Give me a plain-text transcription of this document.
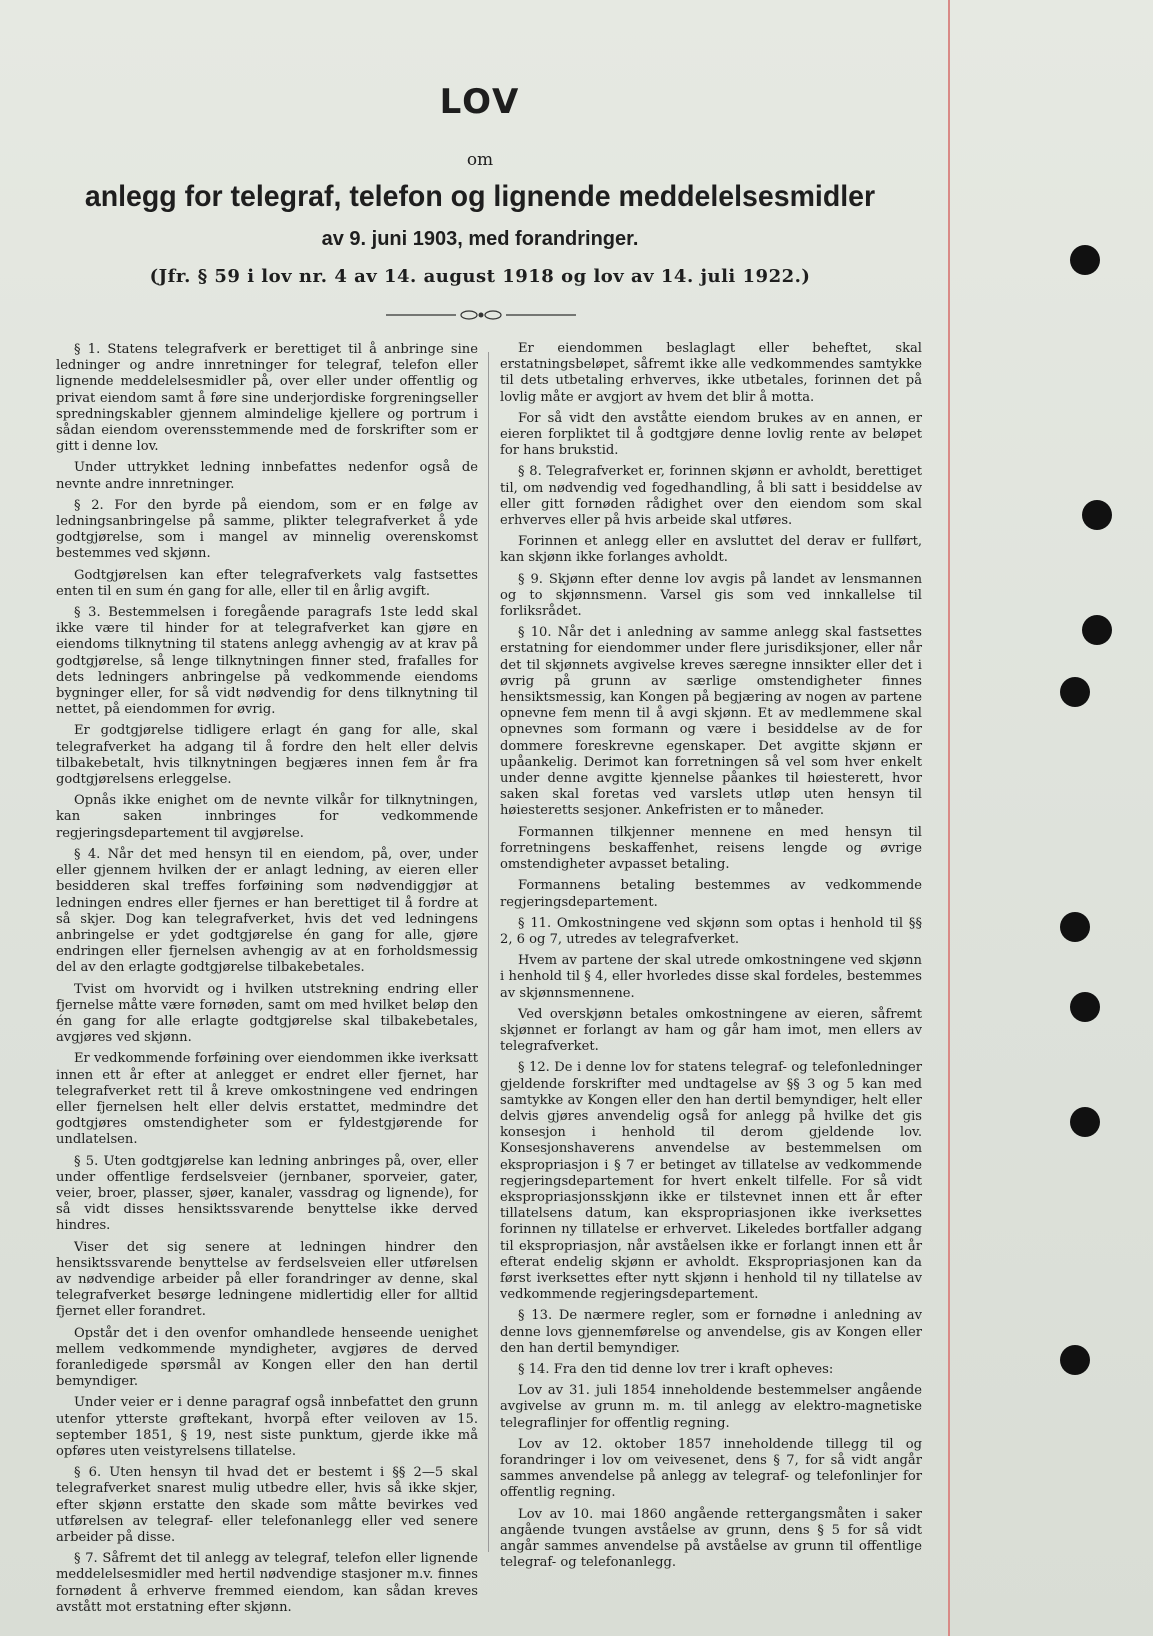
LOV
om
anlegg for telegraf, telefon og lignende meddelelsesmidler
av 9. juni 1903, med forandringer.
(Jfr. § 59 i lov nr. 4 av 14. august 1918 og lov av 14. juli 1922.)

§ 1. Statens telegrafverk er berettiget til å anbringe sine ledninger og andre innretninger for telegraf, telefon eller lignende meddelelsesmidler på, over eller under offentlig og privat eiendom samt å føre sine underjordiske forgreningseller spredningskabler gjennem almindelige kjellere og portrum i sådan eiendom overensstemmende med de forskrifter som er gitt i denne lov.

Under uttrykket ledning innbefattes nedenfor også de nevnte andre innretninger.

§ 2. For den byrde på eiendom, som er en følge av ledningsanbringelse på samme, plikter telegrafverket å yde godtgjørelse, som i mangel av minnelig overenskomst bestemmes ved skjønn.

Godtgjørelsen kan efter telegrafverkets valg fastsettes enten til en sum én gang for alle, eller til en årlig avgift.

§ 3. Bestemmelsen i foregående paragrafs 1ste ledd skal ikke være til hinder for at telegrafverket kan gjøre en eiendoms tilknytning til statens anlegg avhengig av at krav på godtgjørelse, så lenge tilknytningen finner sted, frafalles for dets ledningers anbringelse på vedkommende eiendoms bygninger eller, for så vidt nødvendig for dens tilknytning til nettet, på eiendommen for øvrig.

Er godtgjørelse tidligere erlagt én gang for alle, skal telegrafverket ha adgang til å fordre den helt eller delvis tilbakebetalt, hvis tilknytningen begjæres innen fem år fra godtgjørelsens erleggelse.

Opnås ikke enighet om de nevnte vilkår for tilknytningen, kan saken innbringes for vedkommende regjeringsdepartement til avgjørelse.

§ 4. Når det med hensyn til en eiendom, på, over, under eller gjennem hvilken der er anlagt ledning, av eieren eller besidderen skal treffes forføining som nødvendiggjør at ledningen endres eller fjernes er han berettiget til å fordre at så skjer. Dog kan telegrafverket, hvis det ved ledningens anbringelse er ydet godtgjørelse én gang for alle, gjøre endringen eller fjernelsen avhengig av at en forholdsmessig del av den erlagte godtgjørelse tilbakebetales.

Tvist om hvorvidt og i hvilken utstrekning endring eller fjernelse måtte være fornøden, samt om med hvilket beløp den én gang for alle erlagte godtgjørelse skal tilbakebetales, avgjøres ved skjønn.

Er vedkommende forføining over eiendommen ikke iverksatt innen ett år efter at anlegget er endret eller fjernet, har telegrafverket rett til å kreve omkostningene ved endringen eller fjernelsen helt eller delvis erstattet, medmindre det godtgjøres omstendigheter som er fyldestgjørende for undlatelsen.

§ 5. Uten godtgjørelse kan ledning anbringes på, over, eller under offentlige ferdselsveier (jernbaner, sporveier, gater, veier, broer, plasser, sjøer, kanaler, vassdrag og lignende), for så vidt disses hensiktssvarende benyttelse ikke derved hindres.

Viser det sig senere at ledningen hindrer den hensiktssvarende benyttelse av ferdselsveien eller utførelsen av nødvendige arbeider på eller forandringer av denne, skal telegrafverket besørge ledningene midlertidig eller for alltid fjernet eller forandret.

Opstår det i den ovenfor omhandlede henseende uenighet mellem vedkommende myndigheter, avgjøres de derved foranledigede spørsmål av Kongen eller den han dertil bemyndiger.

Under veier er i denne paragraf også innbefattet den grunn utenfor ytterste grøftekant, hvorpå efter veiloven av 15. september 1851, § 19, nest siste punktum, gjerde ikke må opføres uten veistyrelsens tillatelse.

§ 6. Uten hensyn til hvad det er bestemt i §§ 2—5 skal telegrafverket snarest mulig utbedre eller, hvis så ikke skjer, efter skjønn erstatte den skade som måtte bevirkes ved utførelsen av telegraf- eller telefonanlegg eller ved senere arbeider på disse.

§ 7. Såfremt det til anlegg av telegraf, telefon eller lignende meddelelsesmidler med hertil nødvendige stasjoner m.v. finnes fornødent å erhverve fremmed eiendom, kan sådan kreves avstått mot erstatning efter skjønn.

Er eiendommen beslaglagt eller beheftet, skal erstatningsbeløpet, såfremt ikke alle vedkommendes samtykke til dets utbetaling erhverves, ikke utbetales, forinnen det på lovlig måte er avgjort av hvem det blir å motta.

For så vidt den avståtte eiendom brukes av en annen, er eieren forpliktet til å godtgjøre denne lovlig rente av beløpet for hans brukstid.

§ 8. Telegrafverket er, forinnen skjønn er avholdt, berettiget til, om nødvendig ved fogedhandling, å bli satt i besiddelse av eller gitt fornøden rådighet over den eiendom som skal erhverves eller på hvis arbeide skal utføres.

Forinnen et anlegg eller en avsluttet del derav er fullført, kan skjønn ikke forlanges avholdt.

§ 9. Skjønn efter denne lov avgis på landet av lensmannen og to skjønnsmenn. Varsel gis som ved innkallelse til forliksrådet.

§ 10. Når det i anledning av samme anlegg skal fastsettes erstatning for eiendommer under flere jurisdiksjoner, eller når det til skjønnets avgivelse kreves særegne innsikter eller det i øvrig på grunn av særlige omstendigheter finnes hensiktsmessig, kan Kongen på begjæring av nogen av partene opnevne fem menn til å avgi skjønn. Et av medlemmene skal opnevnes som formann og være i besiddelse av de for dommere foreskrevne egenskaper. Det avgitte skjønn er upåankelig. Derimot kan forretningen så vel som hver enkelt under denne avgitte kjennelse påankes til høiesterett, hvor saken skal foretas ved varslets utløp uten hensyn til høiesteretts sesjoner. Ankefristen er to måneder.

Formannen tilkjenner mennene en med hensyn til forretningens beskaffenhet, reisens lengde og øvrige omstendigheter avpasset betaling.

Formannens betaling bestemmes av vedkommende regjeringsdepartement.

§ 11. Omkostningene ved skjønn som optas i henhold til §§ 2, 6 og 7, utredes av telegrafverket.

Hvem av partene der skal utrede omkostningene ved skjønn i henhold til § 4, eller hvorledes disse skal fordeles, bestemmes av skjønnsmennene.

Ved overskjønn betales omkostningene av eieren, såfremt skjønnet er forlangt av ham og går ham imot, men ellers av telegrafverket.

§ 12. De i denne lov for statens telegraf- og telefonledninger gjeldende forskrifter med undtagelse av §§ 3 og 5 kan med samtykke av Kongen eller den han dertil bemyndiger, helt eller delvis gjøres anvendelig også for anlegg på hvilke det gis konsesjon i henhold til derom gjeldende lov. Konsesjonshaverens anvendelse av bestemmelsen om ekspropriasjon i § 7 er betinget av tillatelse av vedkommende regjeringsdepartement for hvert enkelt tilfelle. For så vidt ekspropriasjonsskjønn ikke er tilstevnet innen ett år efter tillatelsens datum, kan ekspropriasjonen ikke iverksettes forinnen ny tillatelse er erhvervet. Likeledes bortfaller adgang til ekspropriasjon, når avståelsen ikke er forlangt innen ett år efterat endelig skjønn er avholdt. Ekspropriasjonen kan da først iverksettes efter nytt skjønn i henhold til ny tillatelse av vedkommende regjeringsdepartement.

§ 13. De nærmere regler, som er fornødne i anledning av denne lovs gjennemførelse og anvendelse, gis av Kongen eller den han dertil bemyndiger.

§ 14. Fra den tid denne lov trer i kraft opheves:

Lov av 31. juli 1854 inneholdende bestemmelser angående avgivelse av grunn m. m. til anlegg av elektro-magnetiske telegraflinjer for offentlig regning.

Lov av 12. oktober 1857 inneholdende tillegg til og forandringer i lov om veivesenet, dens § 7, for så vidt angår sammes anvendelse på anlegg av telegraf- og telefonlinjer for offentlig regning.

Lov av 10. mai 1860 angående rettergangsmåten i saker angående tvungen avståelse av grunn, dens § 5 for så vidt angår sammes anvendelse på avståelse av grunn til offentlige telegraf- og telefonanlegg.
